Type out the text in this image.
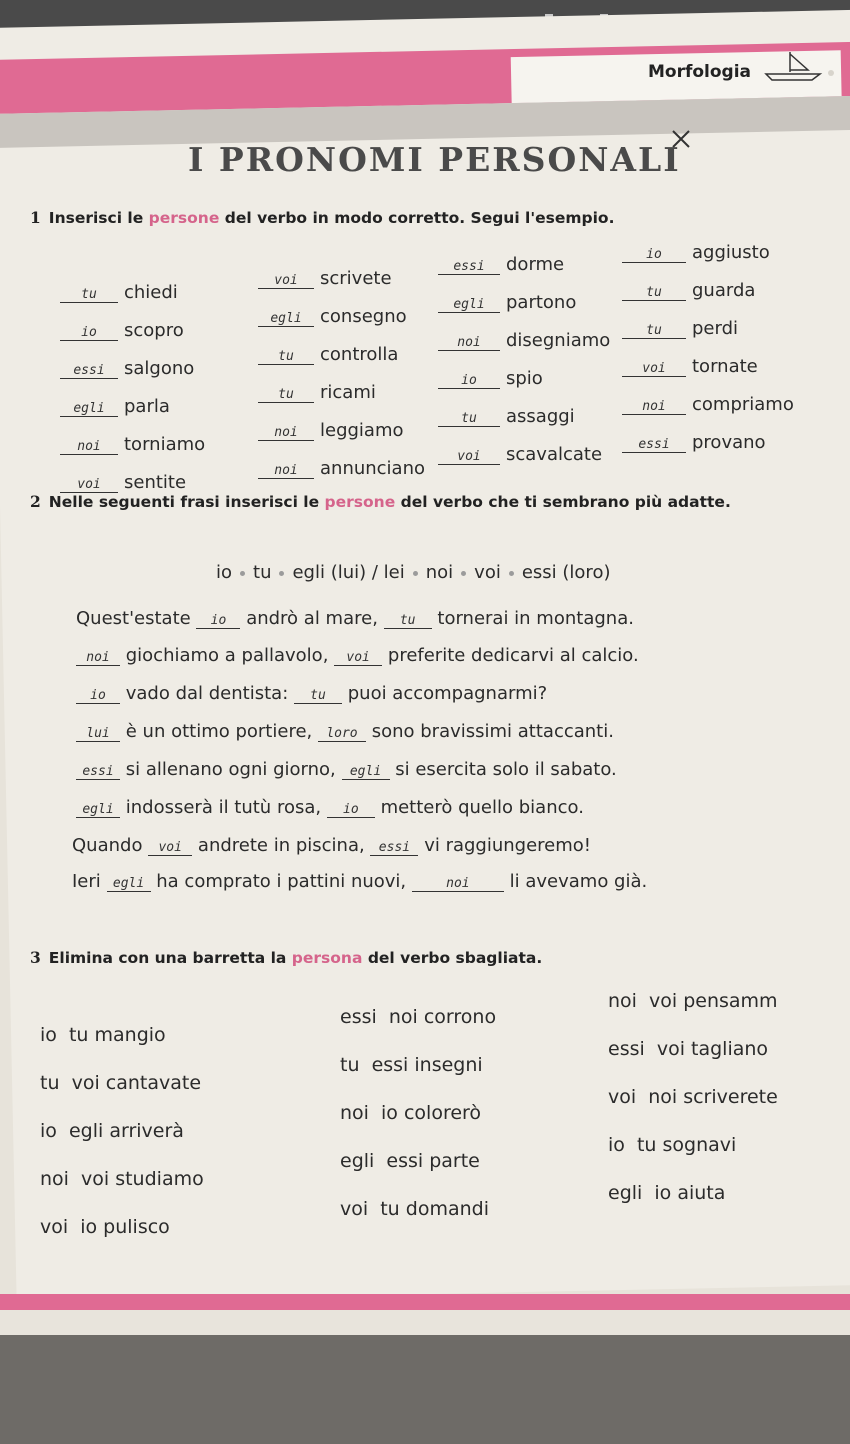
Morfologia
I PRONOMI PERSONALI
1 Inserisci le persone del verbo in modo corretto. Segui l'esempio.
tu chiedi
io scopro
essi salgono
egli parla
noi torniamo
voi sentite
voi scrivete
egli consegno
tu controlla
tu ricami
noi leggiamo
noi annunciano
essi dorme
egli partono
noi disegniamo
io spio
tu assaggi
voi scavalcate
io aggiusto
tu guarda
tu perdi
voi tornate
noi compriamo
essi provano
2 Nelle seguenti frasi inserisci le persone del verbo che ti sembrano più adatte.
io tu egli (lui) / lei noi voi essi (loro)
Quest'estate io andrò al mare, tu tornerai in montagna.
noi giochiamo a pallavolo, voi preferite dedicarvi al calcio.
io vado dal dentista: tu puoi accompagnarmi?
lui è un ottimo portiere, loro sono bravissimi attaccanti.
essi si allenano ogni giorno, egli si esercita solo il sabato.
egli indosserà il tutù rosa, io metterò quello bianco.
Quando voi andrete in piscina, essi vi raggiungeremo!
Ieri egli ha comprato i pattini nuovi,	noi li avevamo già.
3 Elimina con una barretta la persona del verbo sbagliata.
io  tu mangio
tu  voi cantavate
io  egli arriverà
noi  voi studiamo
voi  io pulisco
essi  noi corrono
tu  essi insegni
noi  io colorerò
egli  essi parte
voi  tu domandi
noi  voi pensamm
essi  voi tagliano
voi  noi scriverete
io  tu sognavi
egli  io aiuta
